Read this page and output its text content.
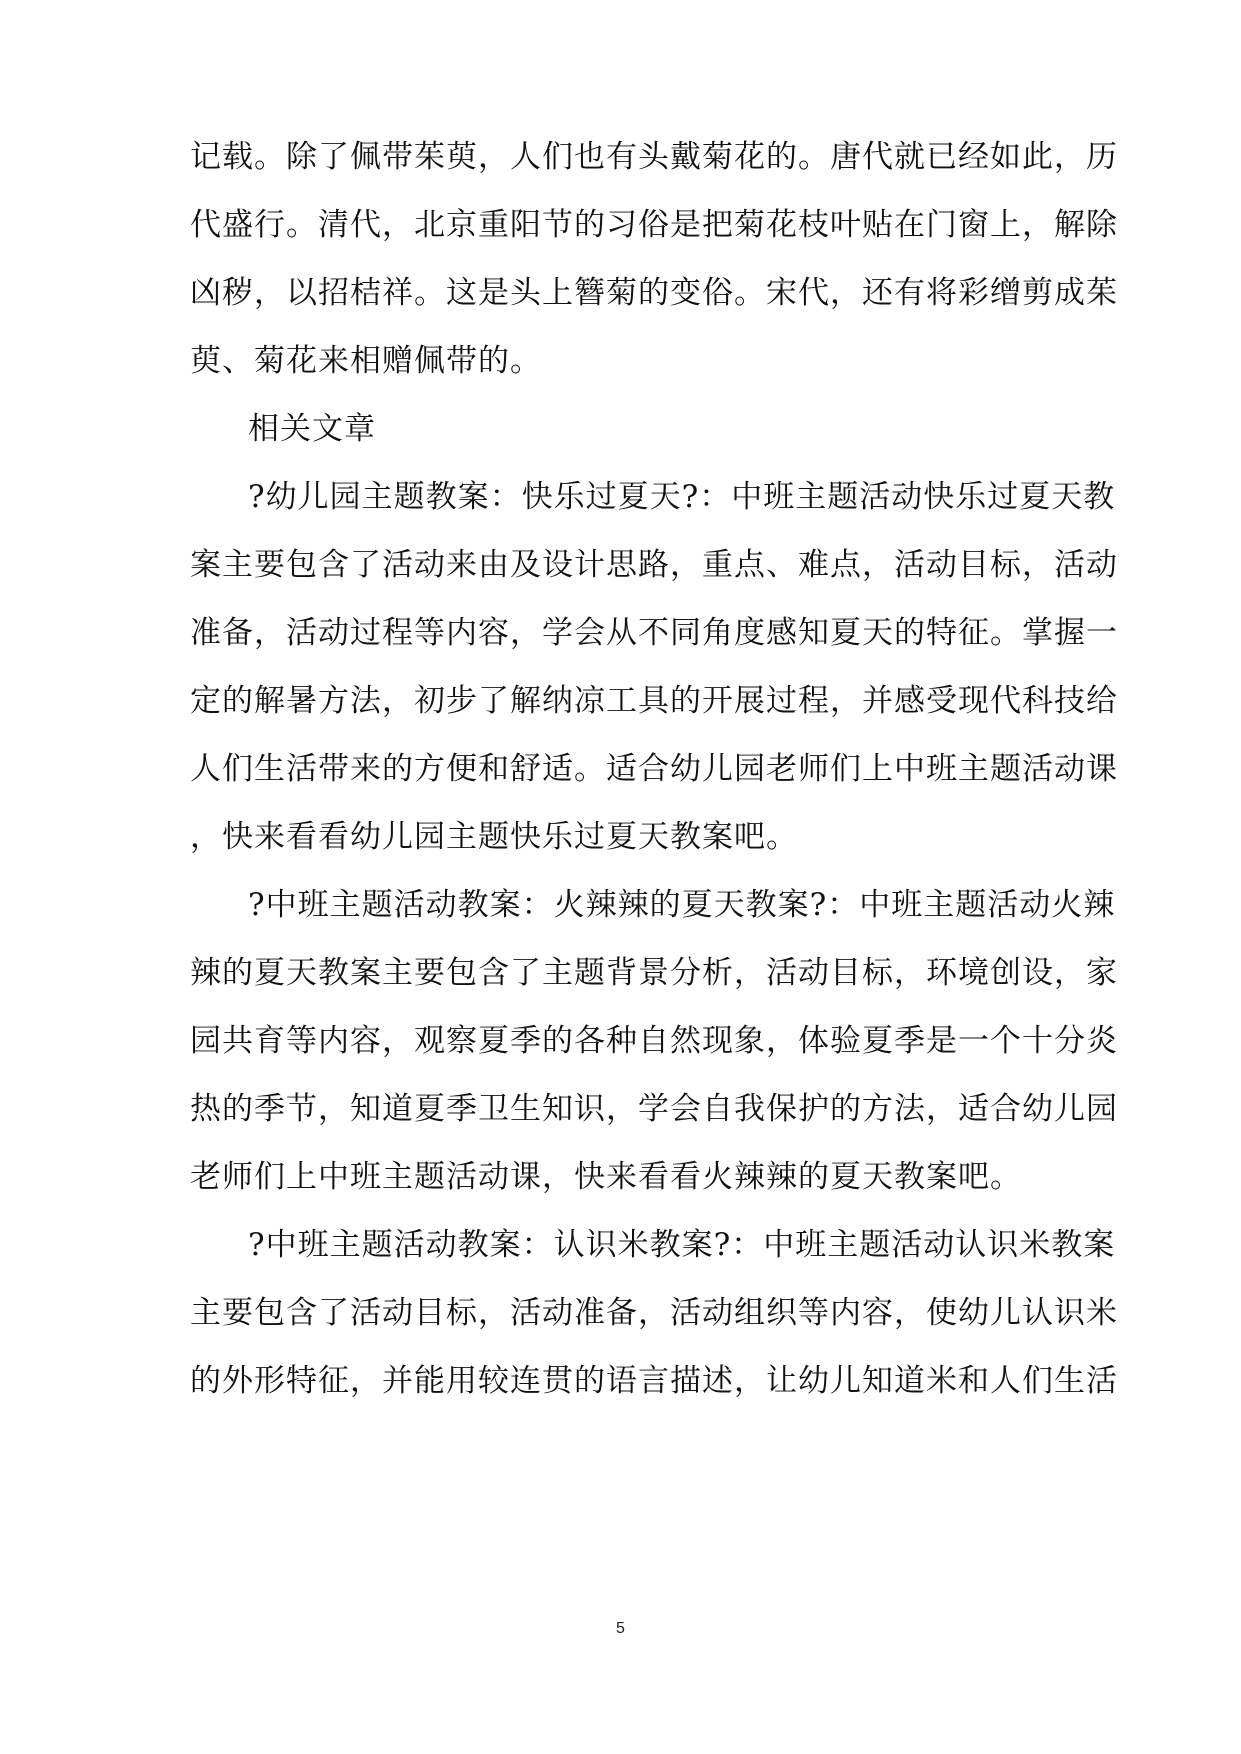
记载。除了佩带茱萸，人们也有头戴菊花的。唐代就已经如此，历
代盛行。清代，北京重阳节的习俗是把菊花枝叶贴在门窗上，解除
凶秽，以招桔祥。这是头上簪菊的变俗。宋代，还有将彩缯剪成茱
萸、菊花来相赠佩带的。
相关文章
?幼儿园主题教案：快乐过夏天?：中班主题活动快乐过夏天教
案主要包含了活动来由及设计思路，重点、难点，活动目标，活动
准备，活动过程等内容，学会从不同角度感知夏天的特征。掌握一
定的解暑方法，初步了解纳凉工具的开展过程，并感受现代科技给
人们生活带来的方便和舒适。适合幼儿园老师们上中班主题活动课
，快来看看幼儿园主题快乐过夏天教案吧。
?中班主题活动教案：火辣辣的夏天教案?：中班主题活动火辣
辣的夏天教案主要包含了主题背景分析，活动目标，环境创设，家
园共育等内容，观察夏季的各种自然现象，体验夏季是一个十分炎
热的季节，知道夏季卫生知识，学会自我保护的方法，适合幼儿园
老师们上中班主题活动课，快来看看火辣辣的夏天教案吧。
?中班主题活动教案：认识米教案?：中班主题活动认识米教案
主要包含了活动目标，活动准备，活动组织等内容，使幼儿认识米
的外形特征，并能用较连贯的语言描述，让幼儿知道米和人们生活
5
